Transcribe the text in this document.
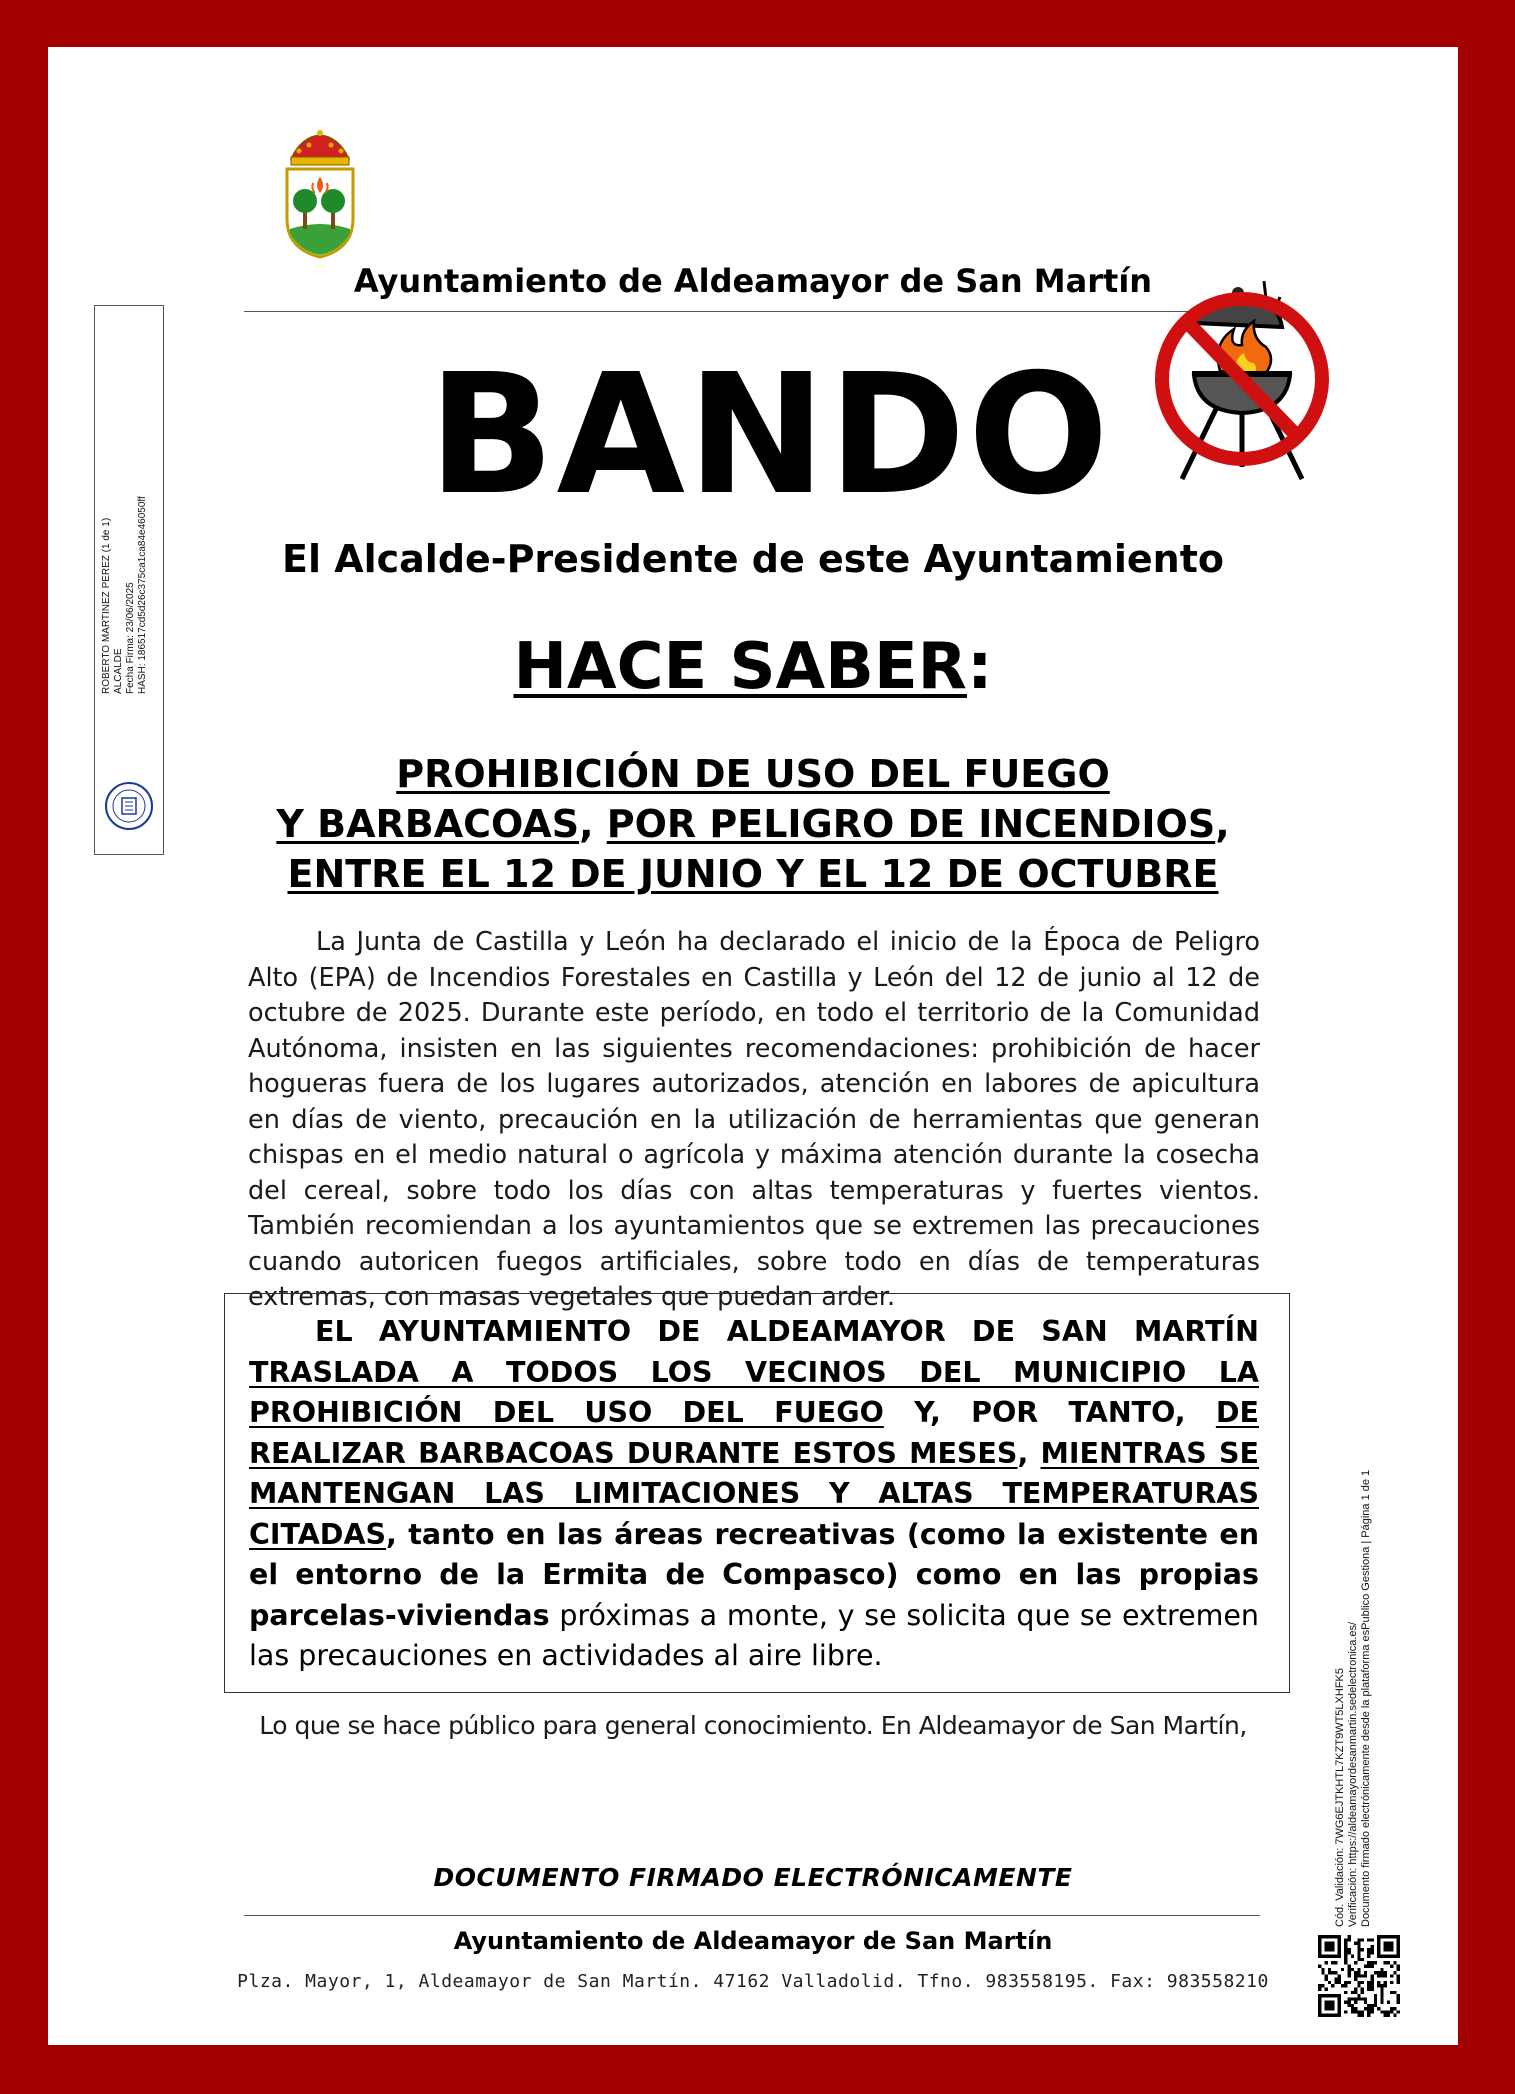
Ayuntamiento de Aldeamayor de San Martín
BANDO
El Alcalde-Presidente de este Ayuntamiento
HACE SABER:
PROHIBICIÓN DE USO DEL FUEGO
Y BARBACOAS, POR PELIGRO DE INCENDIOS,
ENTRE EL 12 DE JUNIO Y EL 12 DE OCTUBRE
La Junta de Castilla y León ha declarado el inicio de la Época de Peligro Alto (EPA) de Incendios Forestales en Castilla y León del 12 de junio al 12 de octubre de 2025. Durante este período, en todo el territorio de la Comunidad Autónoma, insisten en las siguientes recomendaciones: prohibición de hacer hogueras fuera de los lugares autorizados, atención en labores de apicultura en días de viento, precaución en la utilización de herramientas que generan chispas en el medio natural o agrícola y máxima atención durante la cosecha del cereal, sobre todo los días con altas temperaturas y fuertes vientos. También recomiendan a los ayuntamientos que se extremen las precauciones cuando autoricen fuegos artificiales, sobre todo en días de temperaturas extremas, con masas vegetales que puedan arder.
EL AYUNTAMIENTO DE ALDEAMAYOR DE SAN MARTÍN TRASLADA A TODOS LOS VECINOS DEL MUNICIPIO LA PROHIBICIÓN DEL USO DEL FUEGO Y, POR TANTO, DE REALIZAR BARBACOAS DURANTE ESTOS MESES, MIENTRAS SE MANTENGAN LAS LIMITACIONES Y ALTAS TEMPERATURAS CITADAS, tanto en las áreas recreativas (como la existente en el entorno de la Ermita de Compasco) como en las propias parcelas-viviendas próximas a monte, y se solicita que se extremen las precauciones en actividades al aire libre.
Lo que se hace público para general conocimiento. En Aldeamayor de San Martín,
DOCUMENTO FIRMADO ELECTRÓNICAMENTE
Ayuntamiento de Aldeamayor de San Martín
Plza. Mayor, 1, Aldeamayor de San Martín. 47162 Valladolid. Tfno. 983558195. Fax: 983558210
ROBERTO MARTINEZ PEREZ (1 de 1) ALCALDE Fecha Firma: 23/06/2025 HASH: 186517cd5d26c375ca1ca84e46050ff
Cód. Validación: 7WG6EJTKHTL7KZT9WT5LXHFK5 Verificación: https://aldeamayordesanmartin.sedelectronica.es/ Documento firmado electrónicamente desde la plataforma esPublico Gestiona | Página 1 de 1
